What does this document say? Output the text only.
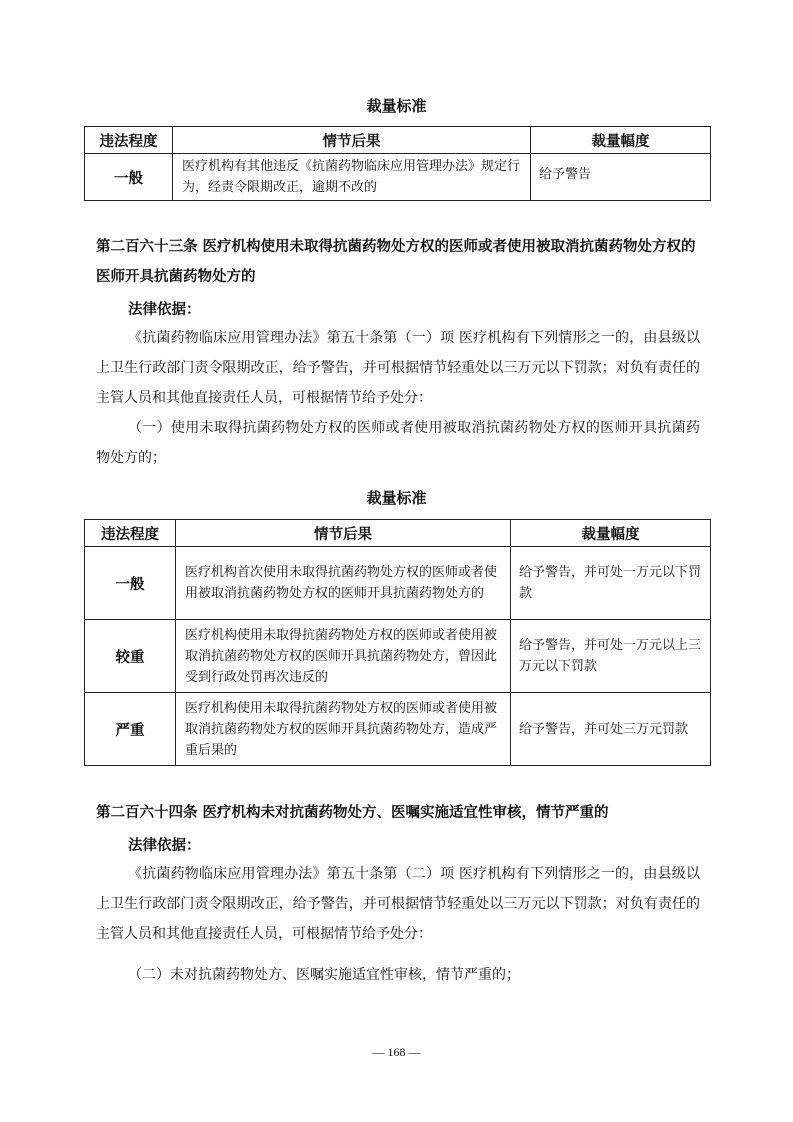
裁量标准
违法程度	情节后果	裁量幅度
一般	医疗机构有其他违反《抗菌药物临床应用管理办法》规定行为，经责令限期改正，逾期不改的	给予警告
第二百六十三条 医疗机构使用未取得抗菌药物处方权的医师或者使用被取消抗菌药物处方权的医师开具抗菌药物处方的
法律依据：
《抗菌药物临床应用管理办法》第五十条第（一）项 医疗机构有下列情形之一的，由县级以上卫生行政部门责令限期改正，给予警告，并可根据情节轻重处以三万元以下罚款；对负有责任的主管人员和其他直接责任人员，可根据情节给予处分：
（一）使用未取得抗菌药物处方权的医师或者使用被取消抗菌药物处方权的医师开具抗菌药物处方的；
裁量标准
违法程度	情节后果	裁量幅度
一般	医疗机构首次使用未取得抗菌药物处方权的医师或者使用被取消抗菌药物处方权的医师开具抗菌药物处方的	给予警告，并可处一万元以下罚款
较重	医疗机构使用未取得抗菌药物处方权的医师或者使用被取消抗菌药物处方权的医师开具抗菌药物处方，曾因此受到行政处罚再次违反的	给予警告，并可处一万元以上三万元以下罚款
严重	医疗机构使用未取得抗菌药物处方权的医师或者使用被取消抗菌药物处方权的医师开具抗菌药物处方，造成严重后果的	给予警告，并可处三万元罚款
第二百六十四条 医疗机构未对抗菌药物处方、医嘱实施适宜性审核，情节严重的
法律依据：
《抗菌药物临床应用管理办法》第五十条第（二）项 医疗机构有下列情形之一的，由县级以上卫生行政部门责令限期改正，给予警告，并可根据情节轻重处以三万元以下罚款；对负有责任的主管人员和其他直接责任人员，可根据情节给予处分：
（二）未对抗菌药物处方、医嘱实施适宜性审核，情节严重的；
— 168 —
